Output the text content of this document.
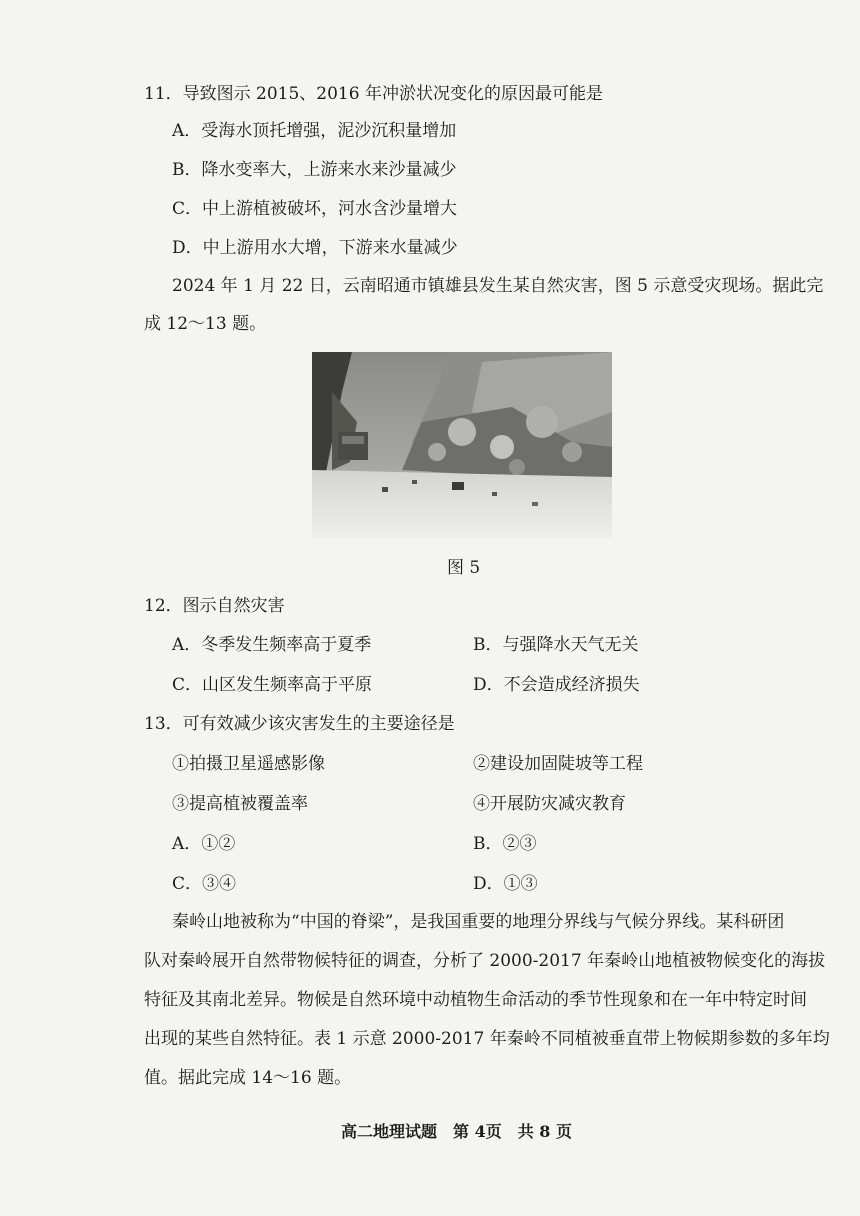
11．导致图示 2015、2016 年冲淤状况变化的原因最可能是
A．受海水顶托增强，泥沙沉积量增加
B．降水变率大，上游来水来沙量减少
C．中上游植被破坏，河水含沙量增大
D．中上游用水大增，下游来水量减少
2024 年 1 月 22 日，云南昭通市镇雄县发生某自然灾害，图 5 示意受灾现场。据此完
成 12～13 题。
图 5
12．图示自然灾害
A．冬季发生频率高于夏季	B．与强降水天气无关
C．山区发生频率高于平原	D．不会造成经济损失
13．可有效减少该灾害发生的主要途径是
①拍摄卫星遥感影像	②建设加固陡坡等工程
③提高植被覆盖率	④开展防灾减灾教育
A．①②	B．②③
C．③④	D．①③
秦岭山地被称为“中国的脊梁”，是我国重要的地理分界线与气候分界线。某科研团
队对秦岭展开自然带物候特征的调查，分析了 2000-2017 年秦岭山地植被物候变化的海拔
特征及其南北差异。物候是自然环境中动植物生命活动的季节性现象和在一年中特定时间
出现的某些自然特征。表 1 示意 2000-2017 年秦岭不同植被垂直带上物候期参数的多年均
值。据此完成 14～16 题。
高二地理试题　第 4页　共 8 页
